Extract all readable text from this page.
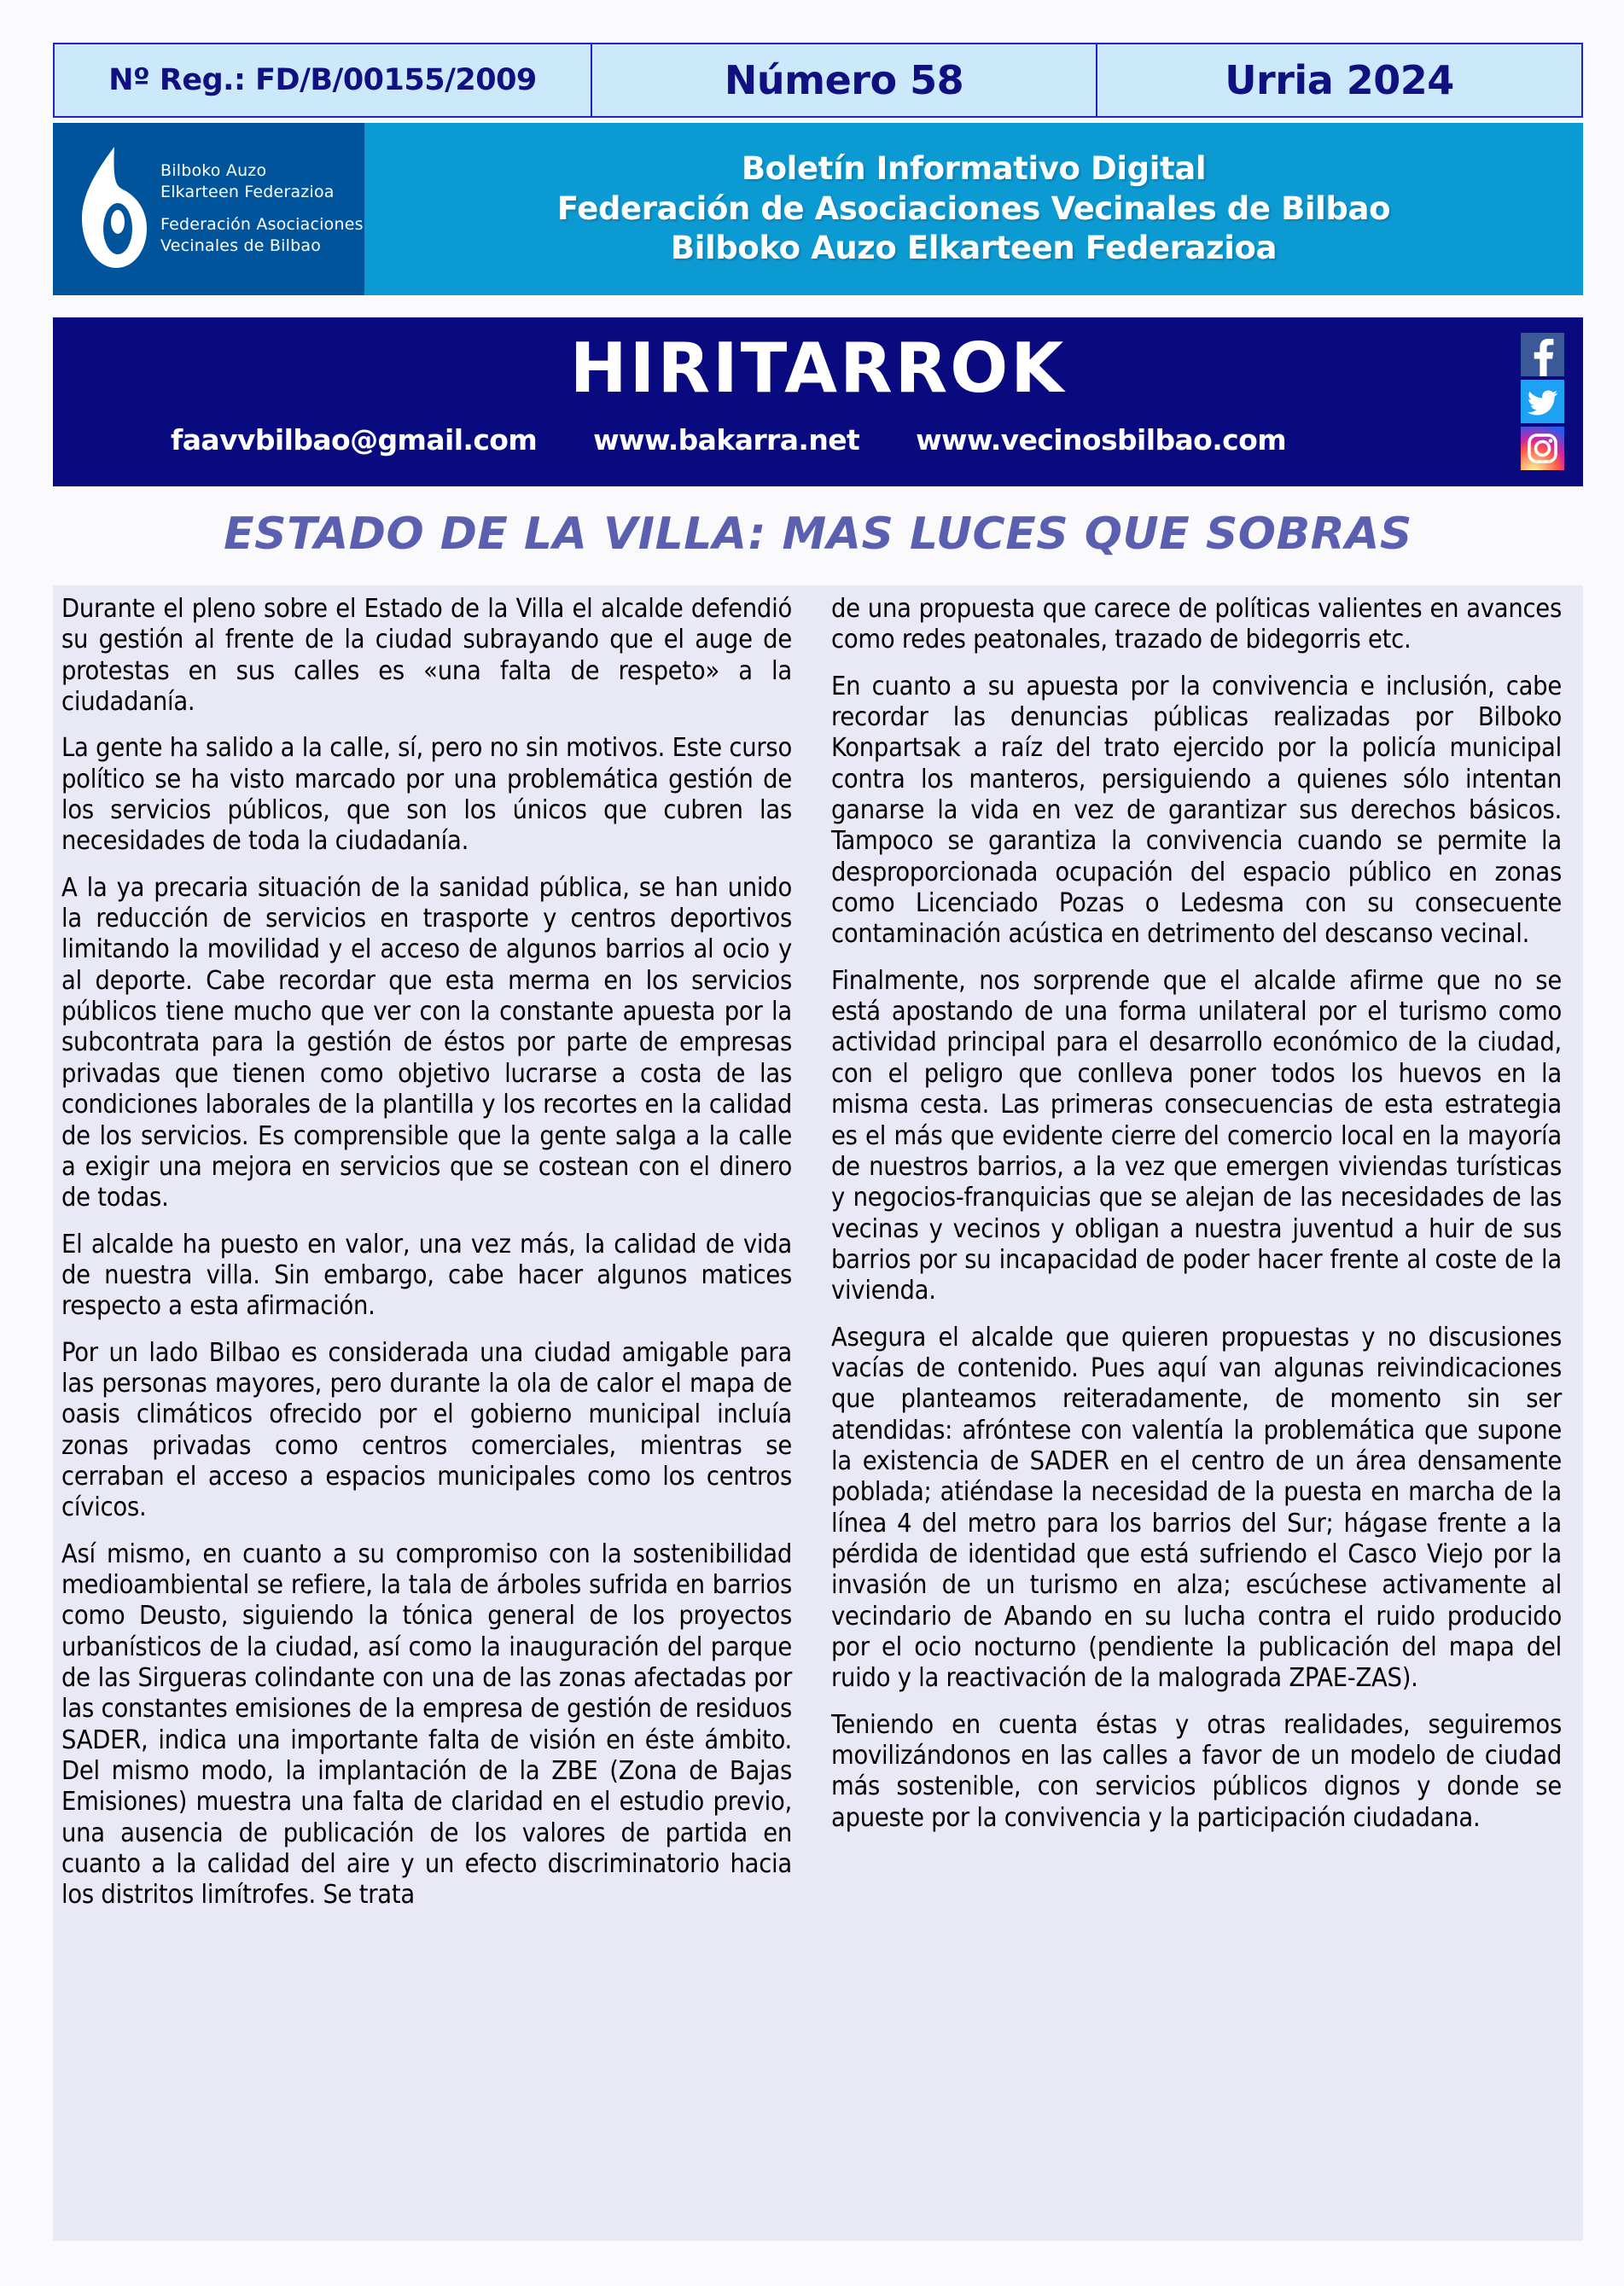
Nº Reg.: FD/B/00155/2009	Número 58	Urria 2024
Bilboko Auzo
Elkarteen Federazioa
Federación Asociaciones
Vecinales de Bilbao
Boletín Informativo Digital
Federación de Asociaciones Vecinales de Bilbao
Bilboko Auzo Elkarteen Federazioa
HIRITARROK
faavvbilbao@gmail.com www.bakarra.net www.vecinosbilbao.com
ESTADO DE LA VILLA: MAS LUCES QUE SOBRAS

Durante el pleno sobre el Estado de la Villa el alcalde defendió su gestión al frente de la ciudad subrayando que el auge de protestas en sus calles es «una falta de respeto» a la ciudadanía.

La gente ha salido a la calle, sí, pero no sin motivos. Este curso político se ha visto marcado por una problemática gestión de los servicios públicos, que son los únicos que cubren las necesidades de toda la ciudadanía.

A la ya precaria situación de la sanidad pública, se han unido la reducción de servicios en trasporte y centros deportivos limitando la movilidad y el acceso de algunos barrios al ocio y al deporte. Cabe recordar que esta merma en los servicios públicos tiene mucho que ver con la constante apuesta por la subcontrata para la gestión de éstos por parte de empresas privadas que tienen como objetivo lucrarse a costa de las condiciones laborales de la plantilla y los recortes en la calidad de los servicios. Es comprensible que la gente salga a la calle a exigir una mejora en servicios que se costean con el dinero de todas.

El alcalde ha puesto en valor, una vez más, la calidad de vida de nuestra villa. Sin embargo, cabe hacer algunos matices respecto a esta afirmación.

Por un lado Bilbao es considerada una ciudad amigable para las personas mayores, pero durante la ola de calor el mapa de oasis climáticos ofrecido por el gobierno municipal incluía zonas privadas como centros comerciales, mientras se cerraban el acceso a espacios municipales como los centros cívicos.

Así mismo, en cuanto a su compromiso con la sostenibilidad medioambiental se refiere, la tala de árboles sufrida en barrios como Deusto, siguiendo la tónica general de los proyectos urbanísticos de la ciudad, así como la inauguración del parque de las Sirgueras colindante con una de las zonas afectadas por las constantes emisiones de la empresa de gestión de residuos SADER, indica una importante falta de visión en éste ámbito. Del mismo modo, la implantación de la ZBE (Zona de Bajas Emisiones) muestra una falta de claridad en el estudio previo, una ausencia de publicación de los valores de partida en cuanto a la calidad del aire y un efecto discriminatorio hacia los distritos limítrofes. Se trata

de una propuesta que carece de políticas valientes en avances como redes peatonales, trazado de bidegorris etc.

En cuanto a su apuesta por la convivencia e inclusión, cabe recordar las denuncias públicas realizadas por Bilboko Konpartsak a raíz del trato ejercido por la policía municipal contra los manteros, persiguiendo a quienes sólo intentan ganarse la vida en vez de garantizar sus derechos básicos. Tampoco se garantiza la convivencia cuando se permite la desproporcionada ocupación del espacio público en zonas como Licenciado Pozas o Ledesma con su consecuente contaminación acústica en detrimento del descanso vecinal.

Finalmente, nos sorprende que el alcalde afirme que no se está apostando de una forma unilateral por el turismo como actividad principal para el desarrollo económico de la ciudad, con el peligro que conlleva poner todos los huevos en la misma cesta. Las primeras consecuencias de esta estrategia es el más que evidente cierre del comercio local en la mayoría de nuestros barrios, a la vez que emergen viviendas turísticas y negocios-franquicias que se alejan de las necesidades de las vecinas y vecinos y obligan a nuestra juventud a huir de sus barrios por su incapacidad de poder hacer frente al coste de la vivienda.

Asegura el alcalde que quieren propuestas y no discusiones vacías de contenido. Pues aquí van algunas reivindicaciones que planteamos reiteradamente, de momento sin ser atendidas: afróntese con valentía la problemática que supone la existencia de SADER en el centro de un área densamente poblada; atiéndase la necesidad de la puesta en marcha de la línea 4 del metro para los barrios del Sur; hágase frente a la pérdida de identidad que está sufriendo el Casco Viejo por la invasión de un turismo en alza; escúchese activamente al vecindario de Abando en su lucha contra el ruido producido por el ocio nocturno (pendiente la publicación del mapa del ruido y la reactivación de la malograda ZPAE-ZAS).

Teniendo en cuenta éstas y otras realidades, seguiremos movilizándonos en las calles a favor de un modelo de ciudad más sostenible, con servicios públicos dignos y donde se apueste por la convivencia y la participación ciudadana.
